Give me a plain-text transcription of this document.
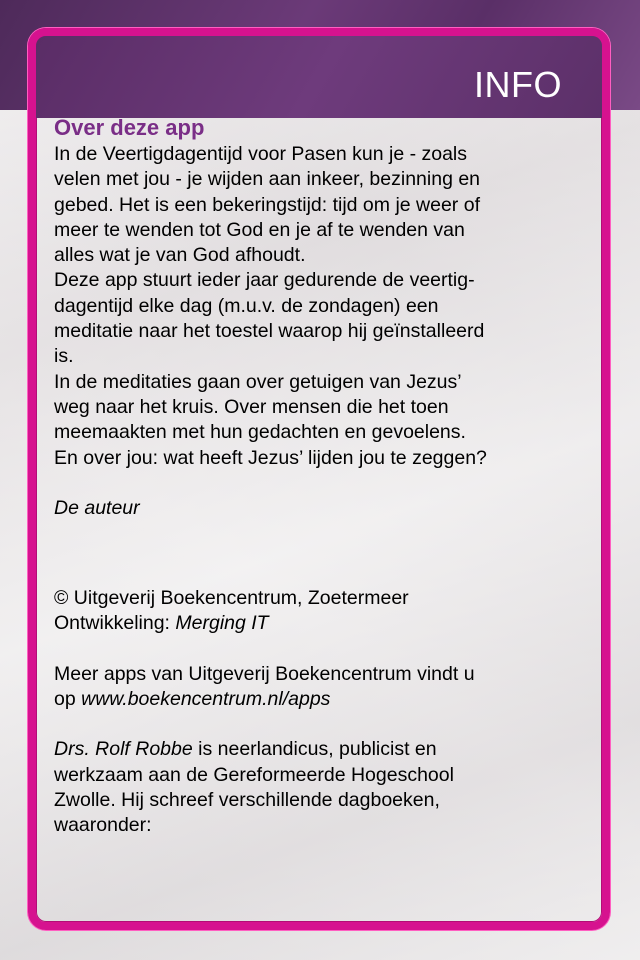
INFO

Over deze app

In de Veertigdagentijd voor Pasen kun je - zoals

velen met jou - je wijden aan inkeer, bezinning en

gebed. Het is een bekeringstijd: tijd om je weer of

meer te wenden tot God en je af te wenden van

alles wat je van God afhoudt.

Deze app stuurt ieder jaar gedurende de veertig-

dagentijd elke dag (m.u.v. de zondagen) een

meditatie naar het toestel waarop hij geïnstalleerd

is.

In de meditaties gaan over getuigen van Jezus’

weg naar het kruis. Over mensen die het toen

meemaakten met hun gedachten en gevoelens.

En over jou: wat heeft Jezus’ lijden jou te zeggen?

De auteur

© Uitgeverij Boekencentrum, Zoetermeer

Ontwikkeling: Merging IT

Meer apps van Uitgeverij Boekencentrum vindt u

op www.boekencentrum.nl/apps

Drs. Rolf Robbe is neerlandicus, publicist en

werkzaam aan de Gereformeerde Hogeschool

Zwolle. Hij schreef verschillende dagboeken,

waaronder:
